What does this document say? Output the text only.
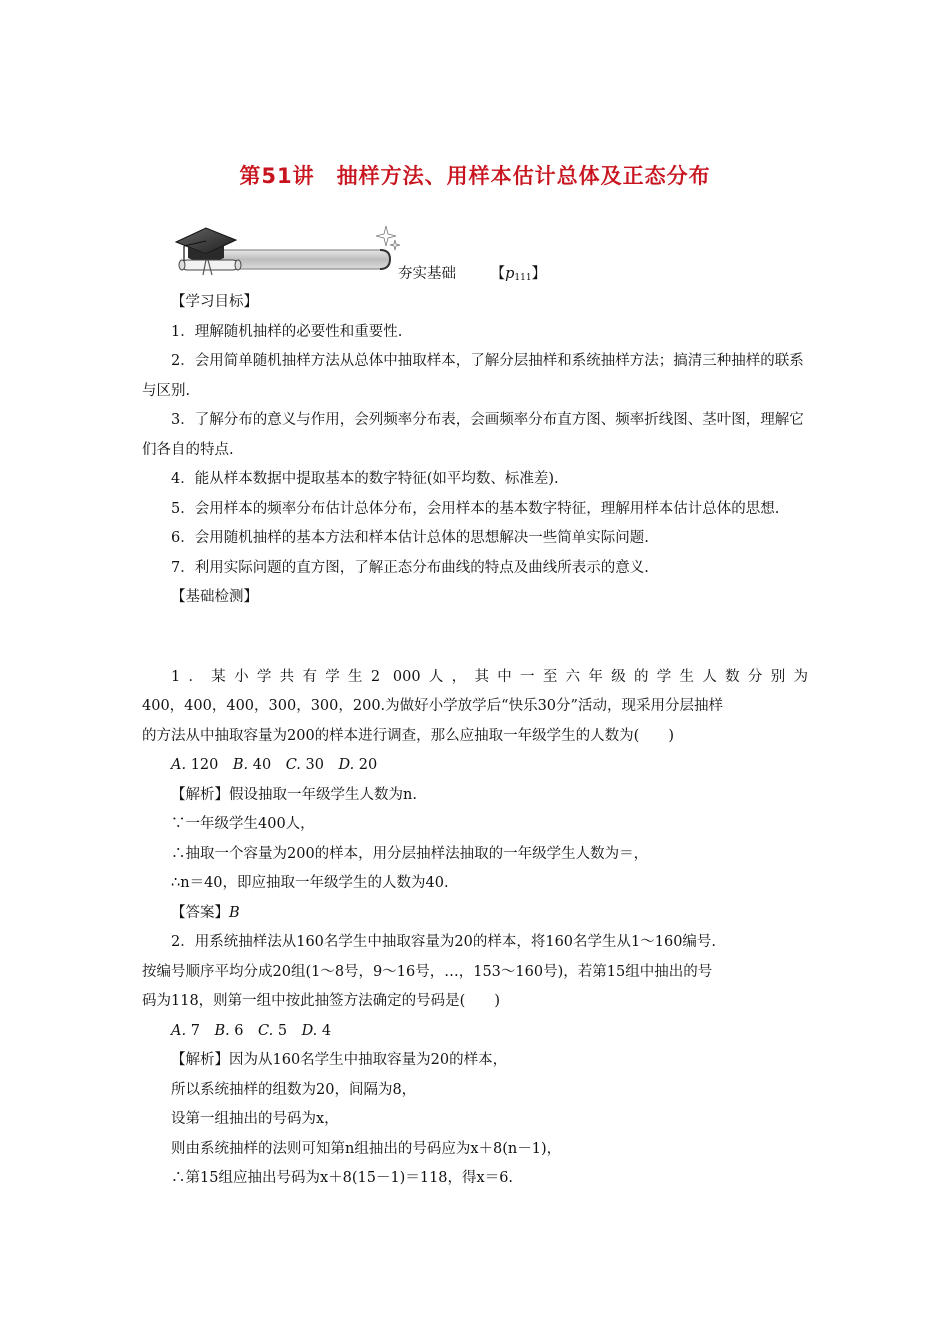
第51讲　抽样方法、用样本估计总体及正态分布
夯实基础 【p111】
【学习目标】
1．理解随机抽样的必要性和重要性.
2．会用简单随机抽样方法从总体中抽取样本，了解分层抽样和系统抽样方法；搞清三种抽样的联系与区别.
3．了解分布的意义与作用，会列频率分布表，会画频率分布直方图、频率折线图、茎叶图，理解它们各自的特点.
4．能从样本数据中提取基本的数字特征(如平均数、标准差).
5．会用样本的频率分布估计总体分布，会用样本的基本数字特征，理解用样本估计总体的思想.
6．会用随机抽样的基本方法和样本估计总体的思想解决一些简单实际问题.
7．利用实际问题的直方图，了解正态分布曲线的特点及曲线所表示的意义.
【基础检测】
1．某小学共有学生2 000人，其中一至六年级的学生人数分别为
400，400，400，300，300，200.为做好小学放学后“快乐30分”活动，现采用分层抽样
的方法从中抽取容量为200的样本进行调查，那么应抽取一年级学生的人数为(　　)
A. 120　B. 40　C. 30　D. 20
【解析】假设抽取一年级学生人数为n.
∵一年级学生400人，
∴抽取一个容量为200的样本，用分层抽样法抽取的一年级学生人数为＝，
∴n＝40，即应抽取一年级学生的人数为40.
【答案】B
2．用系统抽样法从160名学生中抽取容量为20的样本，将160名学生从1～160编号.
按编号顺序平均分成20组(1～8号，9～16号，…，153～160号)，若第15组中抽出的号
码为118，则第一组中按此抽签方法确定的号码是(　　)
A. 7　B. 6　C. 5　D. 4
【解析】因为从160名学生中抽取容量为20的样本，
所以系统抽样的组数为20，间隔为8，
设第一组抽出的号码为x，
则由系统抽样的法则可知第n组抽出的号码应为x＋8(n－1)，
∴第15组应抽出号码为x＋8(15－1)＝118，得x＝6.
